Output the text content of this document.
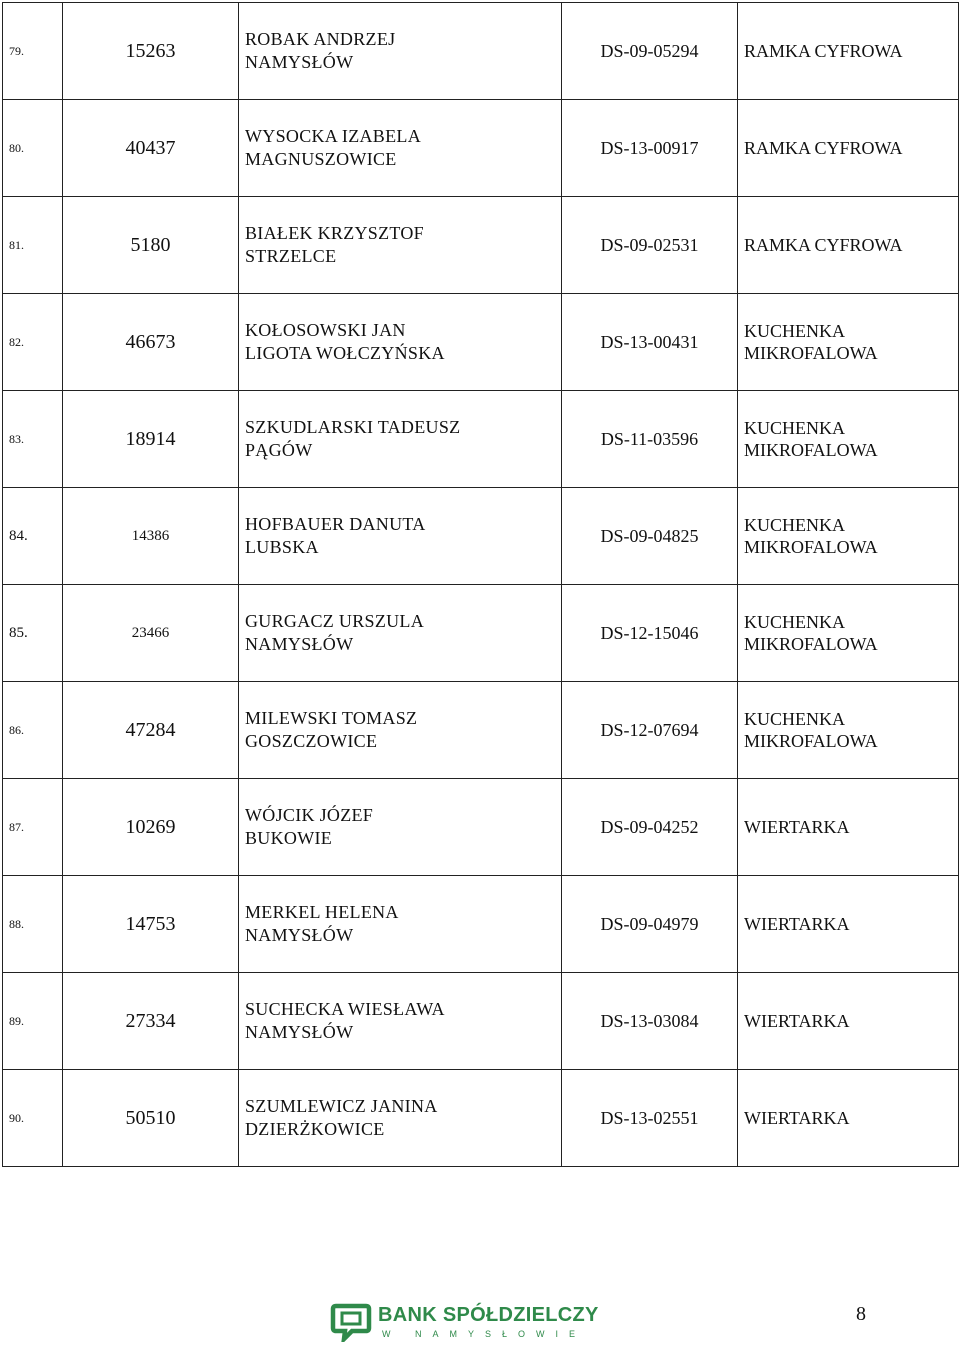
79.	15263	ROBAK ANDRZEJ
NAMYSŁÓW	DS-09-05294	RAMKA CYFROWA

80.	40437	WYSOCKA IZABELA
MAGNUSZOWICE	DS-13-00917	RAMKA CYFROWA

81.	5180	BIAŁEK KRZYSZTOF
STRZELCE	DS-09-02531	RAMKA CYFROWA

82.	46673	KOŁOSOWSKI JAN
LIGOTA WOŁCZYŃSKA	DS-13-00431	KUCHENKA
MIKROFALOWA

83.	18914	SZKUDLARSKI TADEUSZ
PĄGÓW	DS-11-03596	KUCHENKA
MIKROFALOWA

84.	14386	HOFBAUER DANUTA
LUBSKA	DS-09-04825	KUCHENKA
MIKROFALOWA

85.	23466	GURGACZ URSZULA
NAMYSŁÓW	DS-12-15046	KUCHENKA
MIKROFALOWA

86.	47284	MILEWSKI TOMASZ
GOSZCZOWICE	DS-12-07694	KUCHENKA
MIKROFALOWA

87.	10269	WÓJCIK JÓZEF
BUKOWIE	DS-09-04252	WIERTARKA

88.	14753	MERKEL HELENA
NAMYSŁÓW	DS-09-04979	WIERTARKA

89.	27334	SUCHECKA WIESŁAWA
NAMYSŁÓW	DS-13-03084	WIERTARKA

90.	50510	SZUMLEWICZ JANINA
DZIERŻKOWICE	DS-13-02551	WIERTARKA
BANK SPÓŁDZIELCZY
W NAMYSŁOWIE
8
